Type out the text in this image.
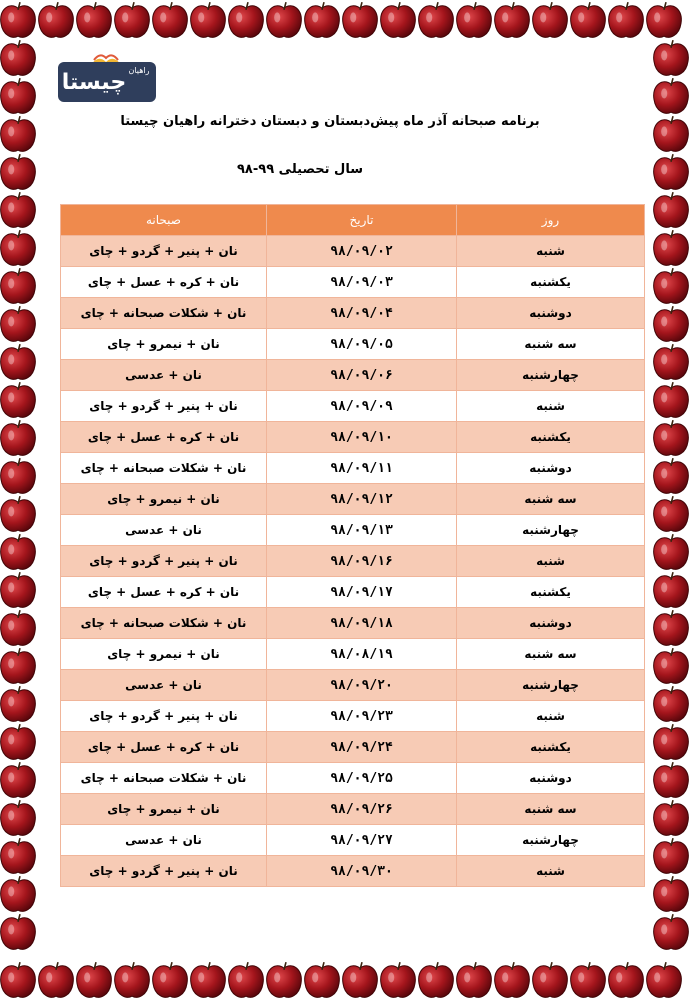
چیستا راهیان
برنامه صبحانه آذر ماه پیش‌دبستان و دبستان دخترانه راهیان چیستا
سال تحصیلی ۹۹-۹۸
روز	تاریخ	صبحانه
شنبه	۹۸/۰۹/۰۲	نان + پنیر + گردو + چای
یکشنبه	۹۸/۰۹/۰۳	نان + کره + عسل + چای
دوشنبه	۹۸/۰۹/۰۴	نان + شکلات صبحانه + چای
سه شنبه	۹۸/۰۹/۰۵	نان + نیمرو + چای
چهارشنبه	۹۸/۰۹/۰۶	نان + عدسی
شنبه	۹۸/۰۹/۰۹	نان + پنیر + گردو + چای
یکشنبه	۹۸/۰۹/۱۰	نان + کره + عسل + چای
دوشنبه	۹۸/۰۹/۱۱	نان + شکلات صبحانه + چای
سه شنبه	۹۸/۰۹/۱۲	نان + نیمرو + چای
چهارشنبه	۹۸/۰۹/۱۳	نان + عدسی
شنبه	۹۸/۰۹/۱۶	نان + پنیر + گردو + چای
یکشنبه	۹۸/۰۹/۱۷	نان + کره + عسل + چای
دوشنبه	۹۸/۰۹/۱۸	نان + شکلات صبحانه + چای
سه شنبه	۹۸/۰۸/۱۹	نان + نیمرو + چای
چهارشنبه	۹۸/۰۹/۲۰	نان + عدسی
شنبه	۹۸/۰۹/۲۳	نان + پنیر + گردو + چای
یکشنبه	۹۸/۰۹/۲۴	نان + کره + عسل + چای
دوشنبه	۹۸/۰۹/۲۵	نان + شکلات صبحانه + چای
سه شنبه	۹۸/۰۹/۲۶	نان + نیمرو + چای
چهارشنبه	۹۸/۰۹/۲۷	نان + عدسی
شنبه	۹۸/۰۹/۳۰	نان + پنیر + گردو + چای
